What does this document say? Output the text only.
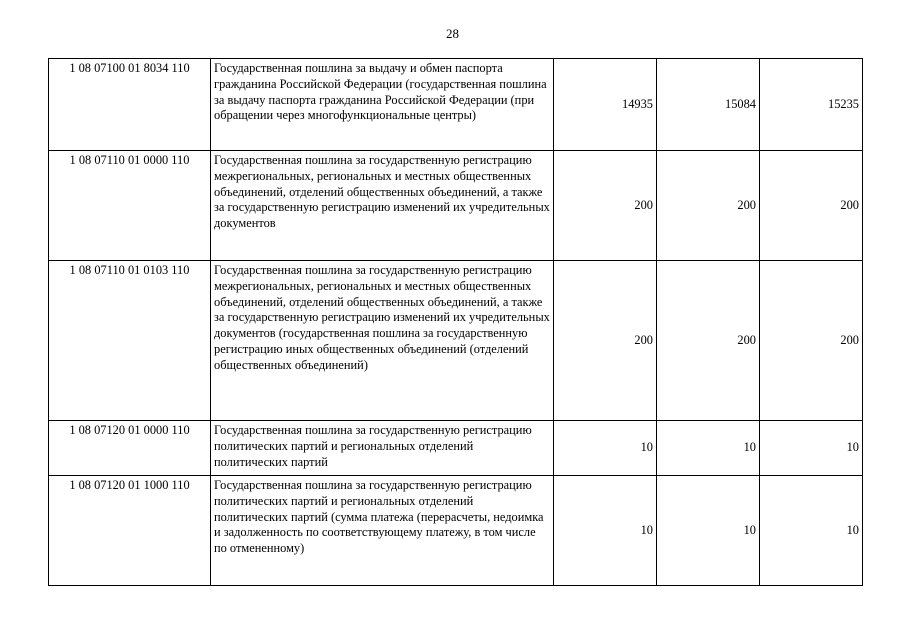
28
1 08 07100 01 8034 110	Государственная пошлина за выдачу и обмен паспорта гражданина Российской Федерации (государственная пошлина за выдачу паспорта гражданина Российской Федерации (при обращении через многофункциональные центры)	14935	15084	15235
1 08 07110 01 0000 110	Государственная пошлина за государственную регистрацию межрегиональных, региональных и местных общественных объединений, отделений общественных объединений, а также за государственную регистрацию изменений их учредительных документов	200	200	200
1 08 07110 01 0103 110	Государственная пошлина за государственную регистрацию межрегиональных, региональных и местных общественных объединений, отделений общественных объединений, а также за государственную регистрацию изменений их учредительных документов (государственная пошлина за государственную регистрацию иных общественных объединений (отделений общественных объединений)	200	200	200
1 08 07120 01 0000 110	Государственная пошлина за государственную регистрацию политических партий и региональных отделений политических партий	10	10	10
1 08 07120 01 1000 110	Государственная пошлина за государственную регистрацию политических партий и региональных отделений политических партий (сумма платежа (перерасчеты, недоимка и задолженность по соответствующему платежу, в том числе по отмененному)	10	10	10
